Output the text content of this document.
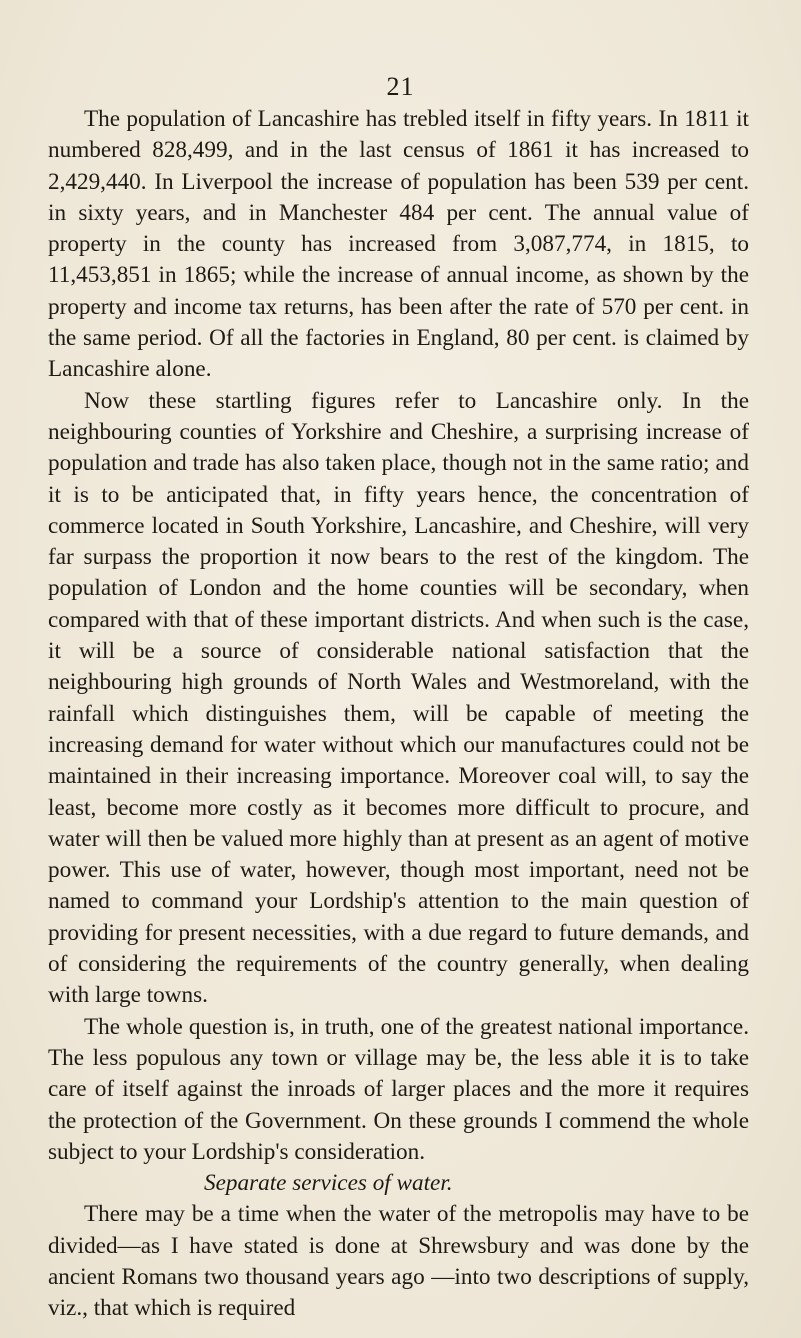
21

The population of Lancashire has trebled itself in fifty years. In 1811 it numbered 828,499, and in the last census of 1861 it has increased to 2,429,440. In Liverpool the increase of population has been 539 per cent. in sixty years, and in Manchester 484 per cent. The annual value of property in the county has increased from 3,087,774, in 1815, to 11,453,851 in 1865; while the increase of annual income, as shown by the property and income tax returns, has been after the rate of 570 per cent. in the same period. Of all the factories in England, 80 per cent. is claimed by Lancashire alone.

Now these startling figures refer to Lancashire only. In the neighbouring counties of Yorkshire and Cheshire, a surprising increase of population and trade has also taken place, though not in the same ratio; and it is to be anticipated that, in fifty years hence, the concentration of commerce located in South Yorkshire, Lancashire, and Cheshire, will very far surpass the proportion it now bears to the rest of the kingdom. The population of London and the home counties will be secondary, when compared with that of these important districts. And when such is the case, it will be a source of considerable national satisfaction that the neighbouring high grounds of North Wales and Westmoreland, with the rainfall which distinguishes them, will be capable of meeting the increasing demand for water without which our manufactures could not be maintained in their increasing importance. Moreover coal will, to say the least, become more costly as it becomes more difficult to procure, and water will then be valued more highly than at present as an agent of motive power. This use of water, however, though most important, need not be named to command your Lordship's attention to the main question of providing for present necessities, with a due regard to future demands, and of considering the requirements of the country generally, when dealing with large towns.

The whole question is, in truth, one of the greatest national importance. The less populous any town or village may be, the less able it is to take care of itself against the inroads of larger places and the more it requires the protection of the Government. On these grounds I commend the whole subject to your Lordship's consideration.

Separate services of water.

There may be a time when the water of the metropolis may have to be divided—as I have stated is done at Shrewsbury and was done by the ancient Romans two thousand years ago —into two descriptions of supply, viz., that which is required
